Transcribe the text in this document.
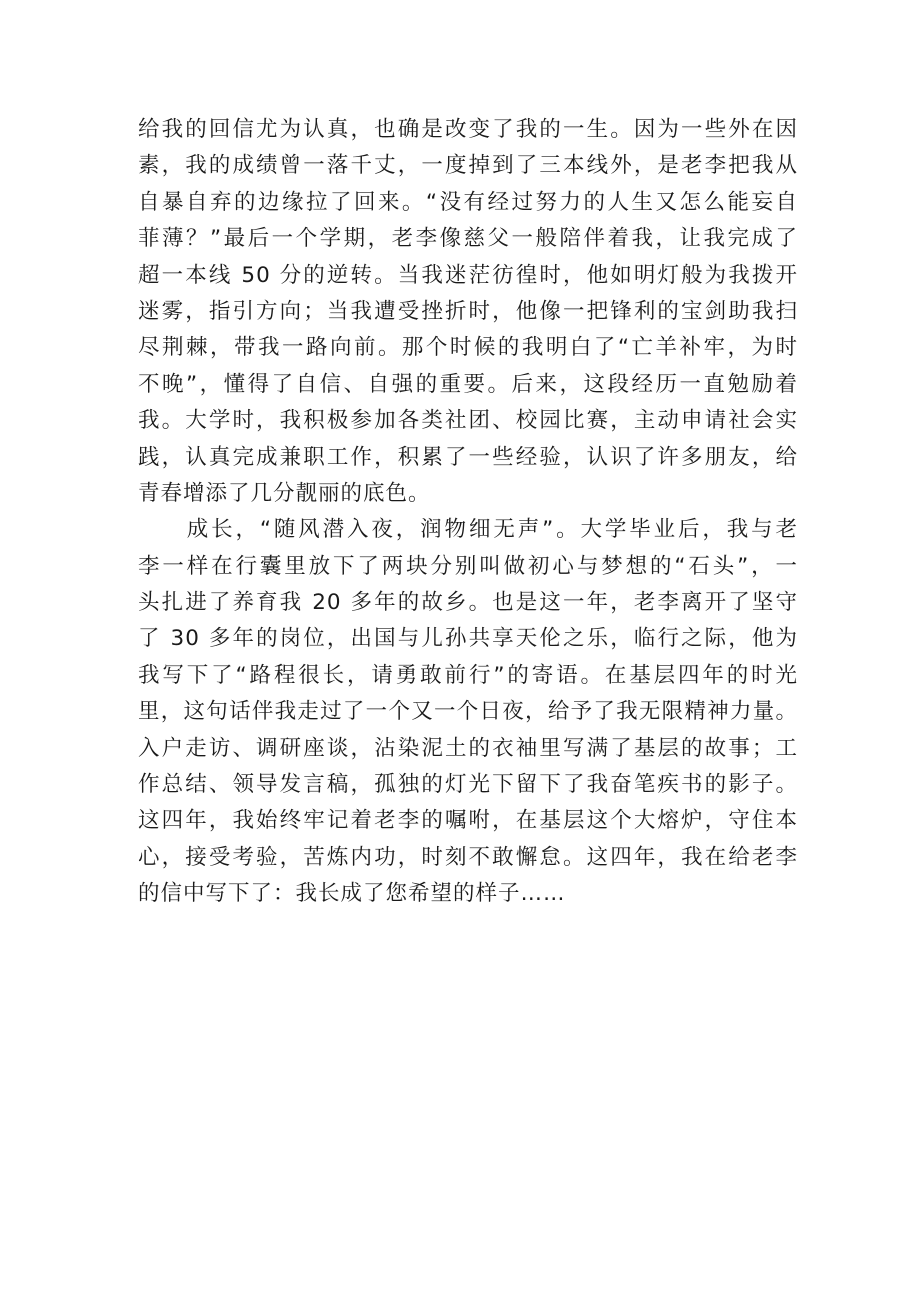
给我的回信尤为认真，也确是改变了我的一生。因为一些外在因
素，我的成绩曾一落千丈，一度掉到了三本线外，是老李把我从
自暴自弃的边缘拉了回来。“没有经过努力的人生又怎么能妄自
菲薄？”最后一个学期，老李像慈父一般陪伴着我，让我完成了
超一本线 50 分的逆转。当我迷茫彷徨时，他如明灯般为我拨开
迷雾，指引方向；当我遭受挫折时，他像一把锋利的宝剑助我扫
尽荆棘，带我一路向前。那个时候的我明白了“亡羊补牢，为时
不晚”，懂得了自信、自强的重要。后来，这段经历一直勉励着
我。大学时，我积极参加各类社团、校园比赛，主动申请社会实
践，认真完成兼职工作，积累了一些经验，认识了许多朋友，给
青春增添了几分靓丽的底色。
　　成长，“随风潜入夜，润物细无声”。大学毕业后，我与老
李一样在行囊里放下了两块分别叫做初心与梦想的“石头”，一
头扎进了养育我 20 多年的故乡。也是这一年，老李离开了坚守
了 30 多年的岗位，出国与儿孙共享天伦之乐，临行之际，他为
我写下了“路程很长，请勇敢前行”的寄语。在基层四年的时光
里，这句话伴我走过了一个又一个日夜，给予了我无限精神力量。
入户走访、调研座谈，沾染泥土的衣袖里写满了基层的故事；工
作总结、领导发言稿，孤独的灯光下留下了我奋笔疾书的影子。
这四年，我始终牢记着老李的嘱咐，在基层这个大熔炉，守住本
心，接受考验，苦炼内功，时刻不敢懈怠。这四年，我在给老李
的信中写下了：我长成了您希望的样子……
